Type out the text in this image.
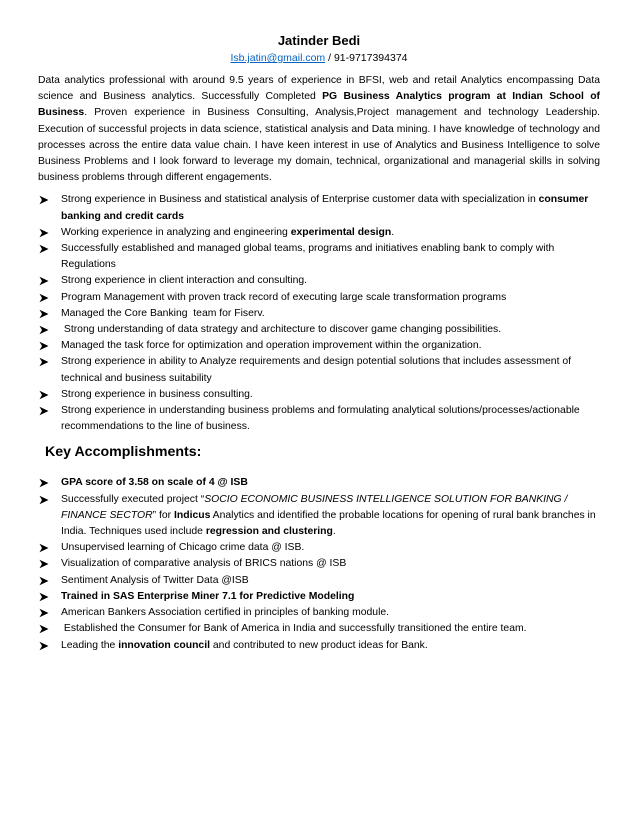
Jatinder Bedi
Isb.jatin@gmail.com / 91-9717394374
Data analytics professional with around 9.5 years of experience in BFSI, web and retail Analytics encompassing Data science and Business analytics. Successfully Completed PG Business Analytics program at Indian School of Business. Proven experience in Business Consulting, Analysis,Project management and technology Leadership. Execution of successful projects in data science, statistical analysis and Data mining. I have knowledge of technology and processes across the entire data value chain. I have keen interest in use of Analytics and Business Intelligence to solve Business Problems and I look forward to leverage my domain, technical, organizational and managerial skills in solving business problems through different engagements.
Strong experience in Business and statistical analysis of Enterprise customer data with specialization in consumer banking and credit cards
Working experience in analyzing and engineering experimental design.
Successfully established and managed global teams, programs and initiatives enabling bank to comply with Regulations
Strong experience in client interaction and consulting.
Program Management with proven track record of executing large scale transformation programs
Managed the Core Banking  team for Fiserv.
Strong understanding of data strategy and architecture to discover game changing possibilities.
Managed the task force for optimization and operation improvement within the organization.
Strong experience in ability to Analyze requirements and design potential solutions that includes assessment of technical and business suitability
Strong experience in business consulting.
Strong experience in understanding business problems and formulating analytical solutions/processes/actionable recommendations to the line of business.
Key Accomplishments:
GPA score of 3.58 on scale of 4 @ ISB
Successfully executed project “SOCIO ECONOMIC BUSINESS INTELLIGENCE SOLUTION FOR BANKING / FINANCE SECTOR” for Indicus Analytics and identified the probable locations for opening of rural bank branches in India. Techniques used include regression and clustering.
Unsupervised learning of Chicago crime data @ ISB.
Visualization of comparative analysis of BRICS nations @ ISB
Sentiment Analysis of Twitter Data @ISB
Trained in SAS Enterprise Miner 7.1 for Predictive Modeling
American Bankers Association certified in principles of banking module.
Established the Consumer for Bank of America in India and successfully transitioned the entire team.
Leading the innovation council and contributed to new product ideas for Bank.
